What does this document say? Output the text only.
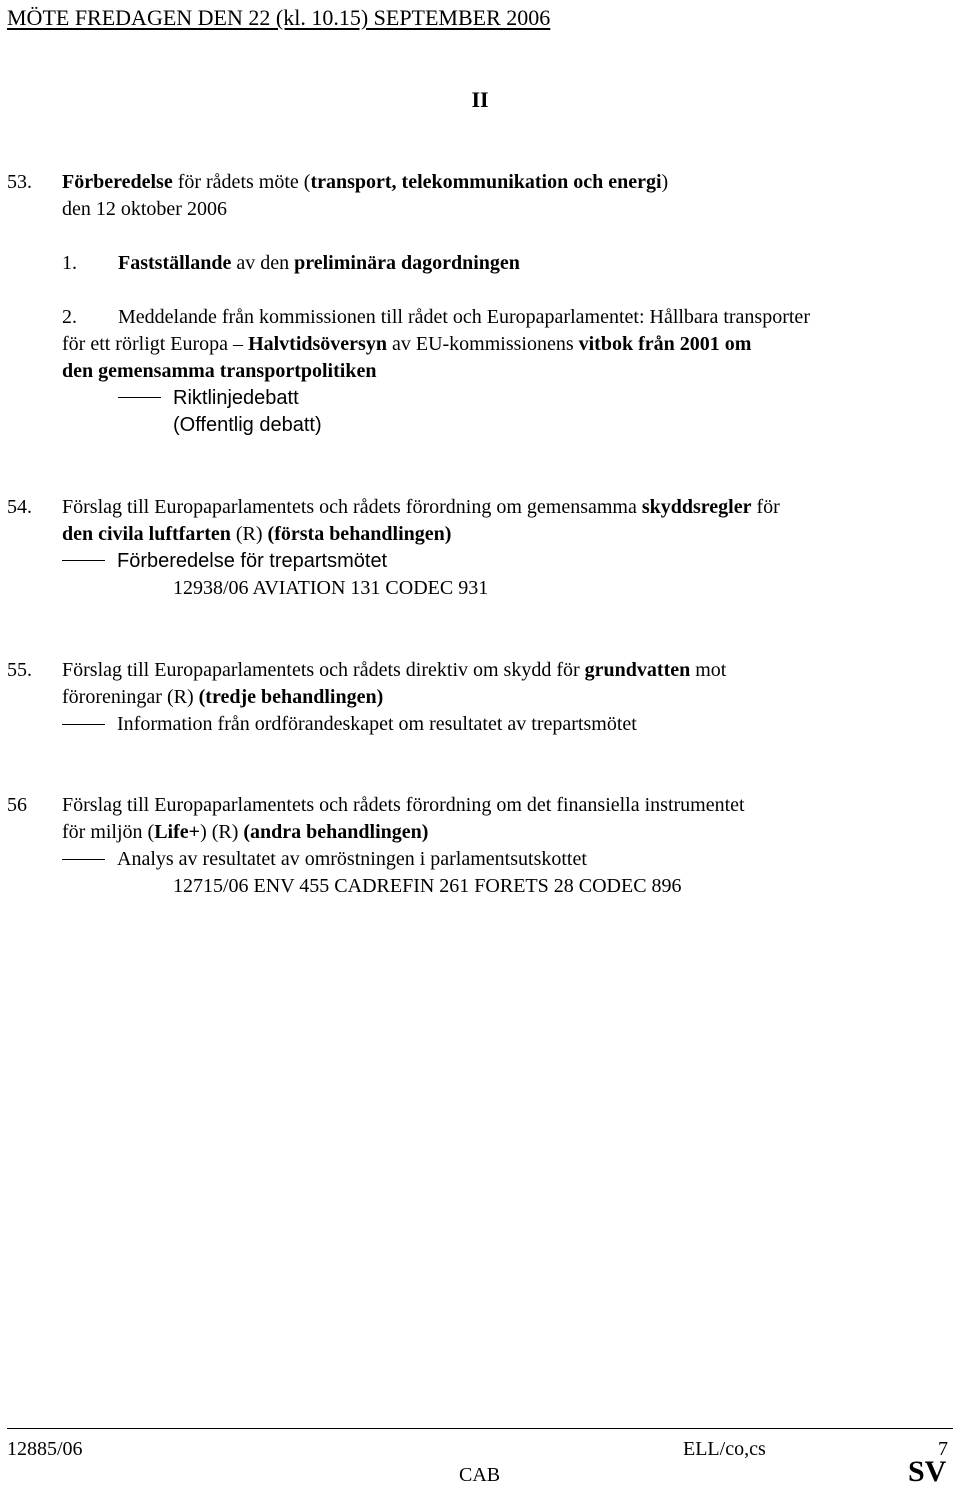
MÖTE FREDAGEN DEN 22 (kl. 10.15) SEPTEMBER 2006
II
53.	Förberedelse för rådets möte (transport, telekommunikation och energi)
den 12 oktober 2006
1. Fastställande av den preliminära dagordningen
2. Meddelande från kommissionen till rådet och Europaparlamentet: Hållbara transporter
för ett rörligt Europa – Halvtidsöversyn av EU-kommissionens vitbok från 2001 om
den gemensamma transportpolitiken
Riktlinjedebatt
(Offentlig debatt)
54.	Förslag till Europaparlamentets och rådets förordning om gemensamma skyddsregler för
den civila luftfarten (R) (första behandlingen)
Förberedelse för trepartsmötet
12938/06 AVIATION 131 CODEC 931
55.	Förslag till Europaparlamentets och rådets direktiv om skydd för grundvatten mot
föroreningar (R) (tredje behandlingen)
Information från ordförandeskapet om resultatet av trepartsmötet
56	Förslag till Europaparlamentets och rådets förordning om det finansiella instrumentet
för miljön (Life+) (R) (andra behandlingen)
Analys av resultatet av omröstningen i parlamentsutskottet
12715/06 ENV 455 CADREFIN 261 FORETS 28 CODEC 896
12885/06	ELL/co,cs	7
CAB	SV
